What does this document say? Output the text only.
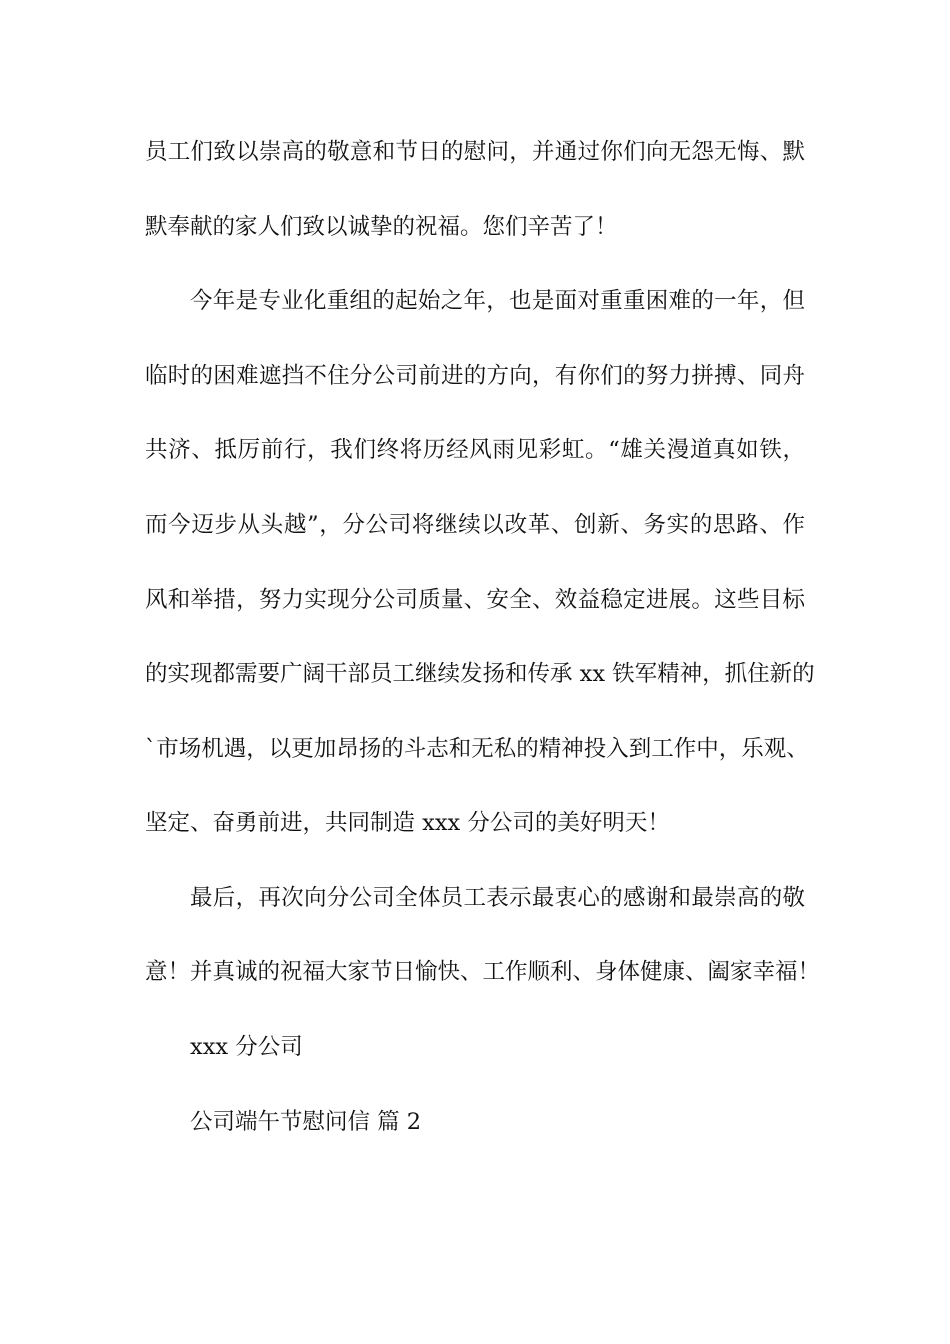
员工们致以崇高的敬意和节日的慰问，并通过你们向无怨无悔、默
默奉献的家人们致以诚挚的祝福。您们辛苦了！
今年是专业化重组的起始之年，也是面对重重困难的一年，但
临时的困难遮挡不住分公司前进的方向，有你们的努力拼搏、同舟
共济、抵厉前行，我们终将历经风雨见彩虹。“雄关漫道真如铁，
而今迈步从头越”，分公司将继续以改革、创新、务实的思路、作
风和举措，努力实现分公司质量、安全、效益稳定进展。这些目标
的实现都需要广阔干部员工继续发扬和传承 xx 铁军精神，抓住新的
`市场机遇，以更加昂扬的斗志和无私的精神投入到工作中，乐观、
坚定、奋勇前进，共同制造 xxx 分公司的美好明天！
最后，再次向分公司全体员工表示最衷心的感谢和最崇高的敬
意！并真诚的祝福大家节日愉快、工作顺利、身体健康、阖家幸福！
xxx 分公司
公司端午节慰问信 篇 2
